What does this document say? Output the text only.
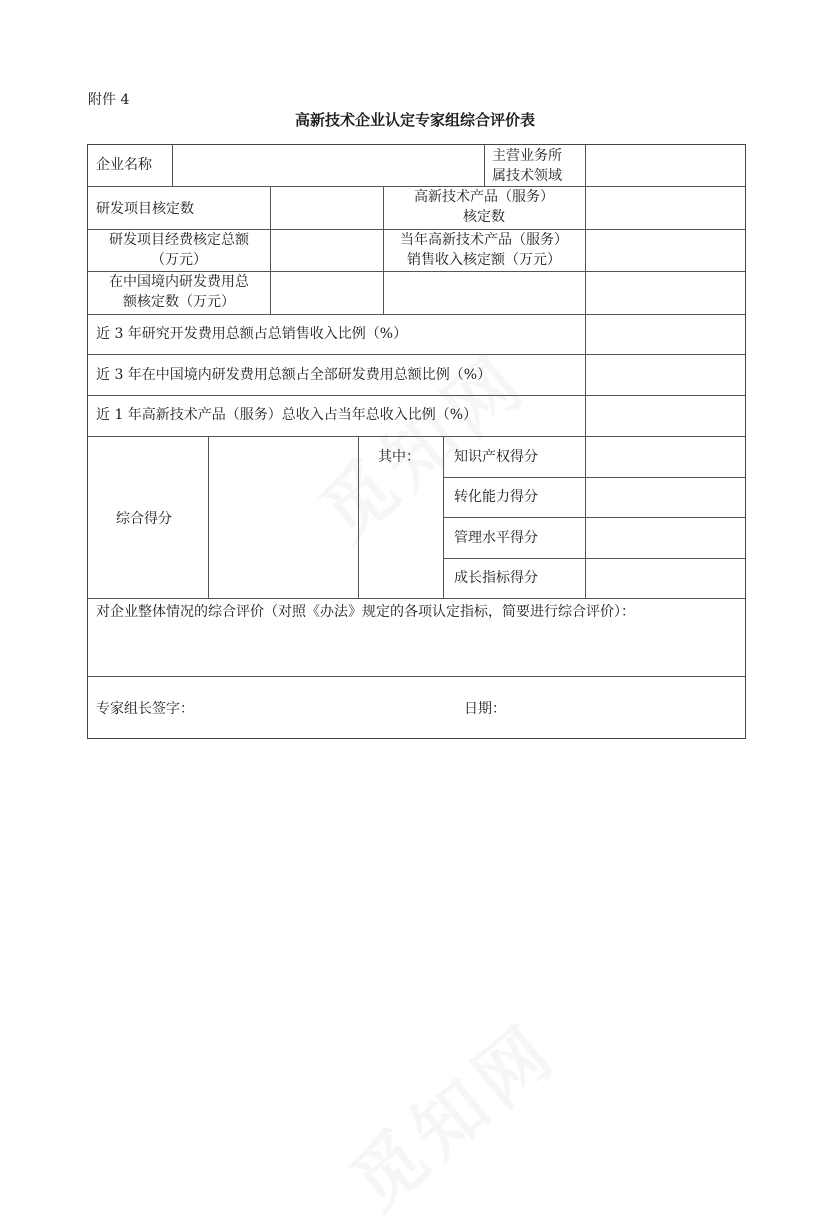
附件 4
高新技术企业认定专家组综合评价表
企业名称
主营业务所
属技术领域
研发项目核定数
高新技术产品（服务）
核定数
研发项目经费核定总额
（万元）
当年高新技术产品（服务）
销售收入核定额（万元）
在中国境内研发费用总
额核定数（万元）
近 3 年研究开发费用总额占总销售收入比例（%）
近 3 年在中国境内研发费用总额占全部研发费用总额比例（%）
近 1 年高新技术产品（服务）总收入占当年总收入比例（%）
综合得分
其中： 知识产权得分
转化能力得分
管理水平得分
成长指标得分
对企业整体情况的综合评价（对照《办法》规定的各项认定指标，简要进行综合评价）：
专家组长签字：	日期：
